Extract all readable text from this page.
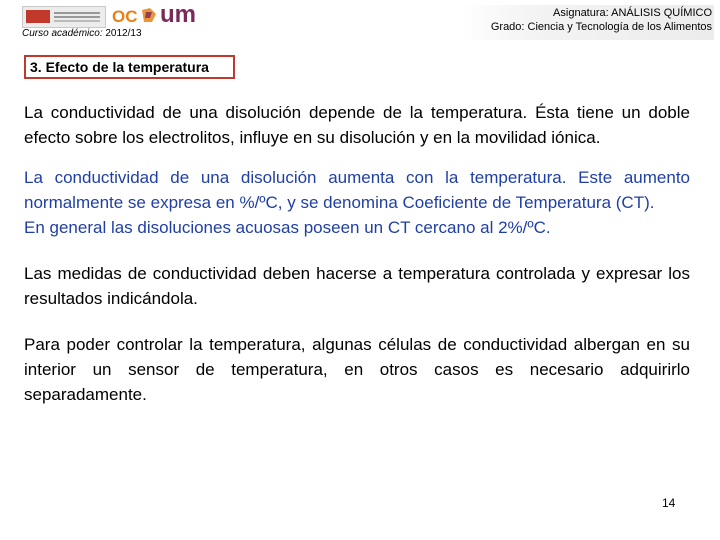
OC um
Curso académico: 2012/13
Asignatura: ANÁLISIS QUÍMICO
Grado: Ciencia y Tecnología de los Alimentos
3. Efecto de la temperatura

La conductividad de una disolución depende de la temperatura. Ésta tiene un doble efecto sobre los electrolitos, influye en su disolución y en la movilidad iónica.

La conductividad de una disolución aumenta con la temperatura. Este aumento normalmente se expresa en %/ºC, y se denomina Coeficiente de Temperatura (CT).

En general las disoluciones acuosas poseen un CT cercano al 2%/ºC.

Las medidas de conductividad deben hacerse a temperatura controlada y expresar los resultados indicándola.

Para poder controlar la temperatura, algunas células de conductividad albergan en su interior un sensor de temperatura, en otros casos es necesario adquirirlo separadamente.

14
